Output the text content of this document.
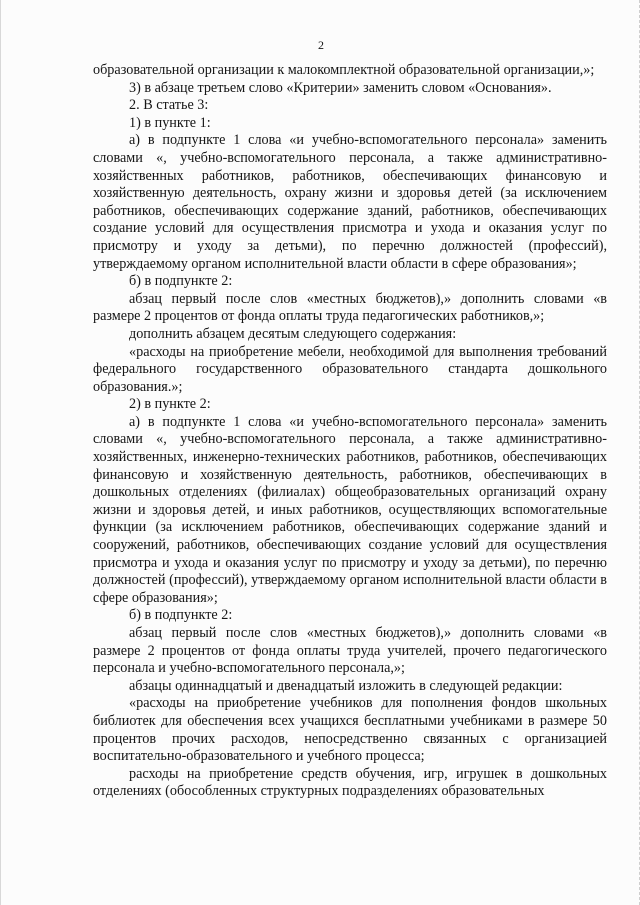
2

образовательной организации к малокомплектной образовательной организации,»;

3) в абзаце третьем слово «Критерии» заменить словом «Основания».

2. В статье 3:

1) в пункте 1:

а) в подпункте 1 слова «и учебно-вспомогательного персонала» заменить словами «, учебно-вспомогательного персонала, а также административно-хозяйственных работников, работников, обеспечивающих финансовую и хозяйственную деятельность, охрану жизни и здоровья детей (за исключением работников, обеспечивающих содержание зданий, работников, обеспечивающих создание условий для осуществления присмотра и ухода и оказания услуг по присмотру и уходу за детьми), по перечню должностей (профессий), утверждаемому органом исполнительной власти области в сфере образования»;

б) в подпункте 2:

абзац первый после слов «местных бюджетов),» дополнить словами «в размере 2 процентов от фонда оплаты труда педагогических работников,»;

дополнить абзацем десятым следующего содержания:

«расходы на приобретение мебели, необходимой для выполнения требований федерального государственного образовательного стандарта дошкольного образования.»;

2) в пункте 2:

а) в подпункте 1 слова «и учебно-вспомогательного персонала» заменить словами «, учебно-вспомогательного персонала, а также административно-хозяйственных, инженерно-технических работников, работников, обеспечивающих финансовую и хозяйственную деятельность, работников, обеспечивающих в дошкольных отделениях (филиалах) общеобразовательных организаций охрану жизни и здоровья детей, и иных работников, осуществляющих вспомогательные функции (за исключением работников, обеспечивающих содержание зданий и сооружений, работников, обеспечивающих создание условий для осуществления присмотра и ухода и оказания услуг по присмотру и уходу за детьми), по перечню должностей (профессий), утверждаемому органом исполнительной власти области в сфере образования»;

б) в подпункте 2:

абзац первый после слов «местных бюджетов),» дополнить словами «в размере 2 процентов от фонда оплаты труда учителей, прочего педагогического персонала и учебно-вспомогательного персонала,»;

абзацы одиннадцатый и двенадцатый изложить в следующей редакции:

«расходы на приобретение учебников для пополнения фондов школьных библиотек для обеспечения всех учащихся бесплатными учебниками в размере 50 процентов прочих расходов, непосредственно связанных с организацией воспитательно-образовательного и учебного процесса;

расходы на приобретение средств обучения, игр, игрушек в дошкольных отделениях (обособленных структурных подразделениях образовательных
